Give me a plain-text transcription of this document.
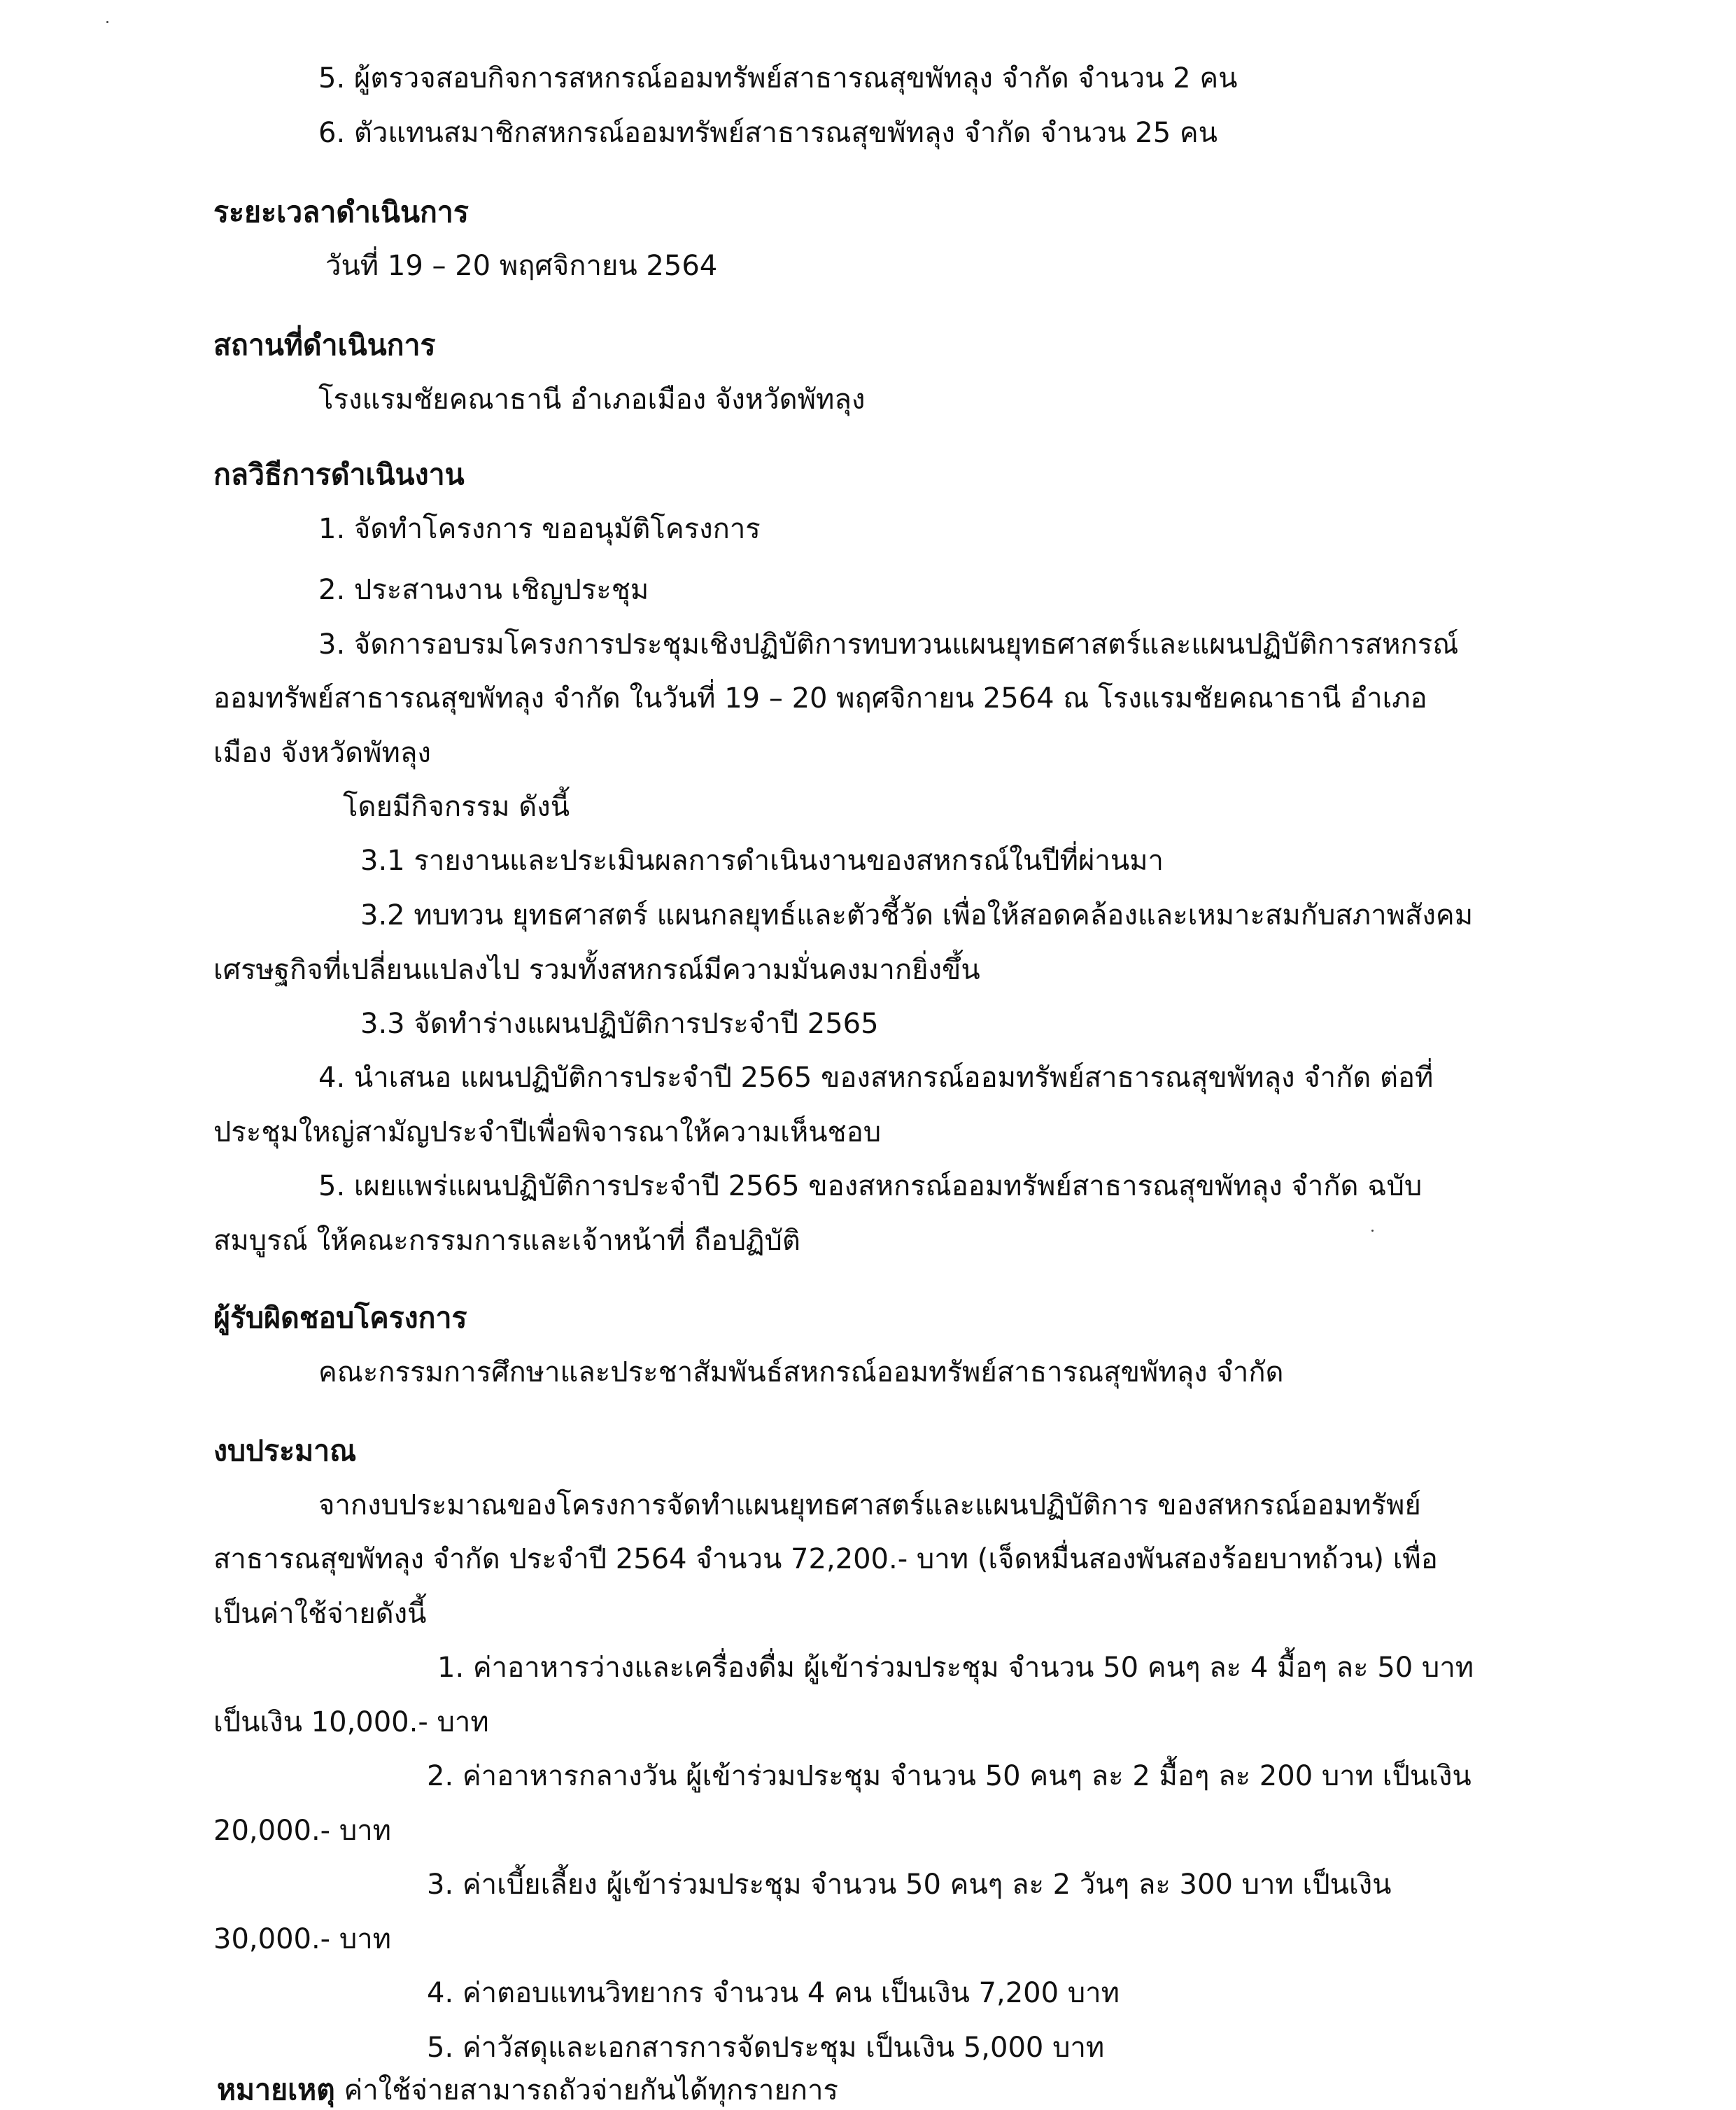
5. ผู้ตรวจสอบกิจการสหกรณ์ออมทรัพย์สาธารณสุขพัทลุง จำกัด จำนวน 2 คน
6. ตัวแทนสมาชิกสหกรณ์ออมทรัพย์สาธารณสุขพัทลุง จำกัด จำนวน 25 คน
ระยะเวลาดำเนินการ
วันที่ 19 – 20 พฤศจิกายน 2564
สถานที่ดำเนินการ
โรงแรมชัยคณาธานี อำเภอเมือง จังหวัดพัทลุง
กลวิธีการดำเนินงาน
1. จัดทำโครงการ ขออนุมัติโครงการ
2. ประสานงาน เชิญประชุม
3. จัดการอบรมโครงการประชุมเชิงปฏิบัติการทบทวนแผนยุทธศาสตร์และแผนปฏิบัติการสหกรณ์
ออมทรัพย์สาธารณสุขพัทลุง จำกัด ในวันที่ 19 – 20 พฤศจิกายน 2564 ณ โรงแรมชัยคณาธานี อำเภอ
เมือง จังหวัดพัทลุง
โดยมีกิจกรรม ดังนี้
3.1 รายงานและประเมินผลการดำเนินงานของสหกรณ์ในปีที่ผ่านมา
3.2 ทบทวน ยุทธศาสตร์ แผนกลยุทธ์และตัวชี้วัด เพื่อให้สอดคล้องและเหมาะสมกับสภาพสังคม
เศรษฐกิจที่เปลี่ยนแปลงไป รวมทั้งสหกรณ์มีความมั่นคงมากยิ่งขึ้น
3.3 จัดทำร่างแผนปฏิบัติการประจำปี 2565
4. นำเสนอ แผนปฏิบัติการประจำปี 2565 ของสหกรณ์ออมทรัพย์สาธารณสุขพัทลุง จำกัด ต่อที่
ประชุมใหญ่สามัญประจำปีเพื่อพิจารณาให้ความเห็นชอบ
5. เผยแพร่แผนปฏิบัติการประจำปี 2565 ของสหกรณ์ออมทรัพย์สาธารณสุขพัทลุง จำกัด ฉบับ
สมบูรณ์ ให้คณะกรรมการและเจ้าหน้าที่ ถือปฏิบัติ
ผู้รับผิดชอบโครงการ
คณะกรรมการศึกษาและประชาสัมพันธ์สหกรณ์ออมทรัพย์สาธารณสุขพัทลุง จำกัด
งบประมาณ
จากงบประมาณของโครงการจัดทำแผนยุทธศาสตร์และแผนปฏิบัติการ ของสหกรณ์ออมทรัพย์
สาธารณสุขพัทลุง จำกัด ประจำปี 2564 จำนวน 72,200.- บาท (เจ็ดหมื่นสองพันสองร้อยบาทถ้วน) เพื่อ
เป็นค่าใช้จ่ายดังนี้
1. ค่าอาหารว่างและเครื่องดื่ม ผู้เข้าร่วมประชุม จำนวน 50 คนๆ ละ 4 มื้อๆ ละ 50 บาท
เป็นเงิน 10,000.- บาท
2. ค่าอาหารกลางวัน ผู้เข้าร่วมประชุม จำนวน 50 คนๆ ละ 2 มื้อๆ ละ 200 บาท เป็นเงิน
20,000.- บาท
3. ค่าเบี้ยเลี้ยง ผู้เข้าร่วมประชุม จำนวน 50 คนๆ ละ 2 วันๆ ละ 300 บาท เป็นเงิน
30,000.- บาท
4. ค่าตอบแทนวิทยากร จำนวน 4 คน เป็นเงิน 7,200 บาท
5. ค่าวัสดุและเอกสารการจัดประชุม เป็นเงิน 5,000 บาท
หมายเหตุ ค่าใช้จ่ายสามารถถัวจ่ายกันได้ทุกรายการ
